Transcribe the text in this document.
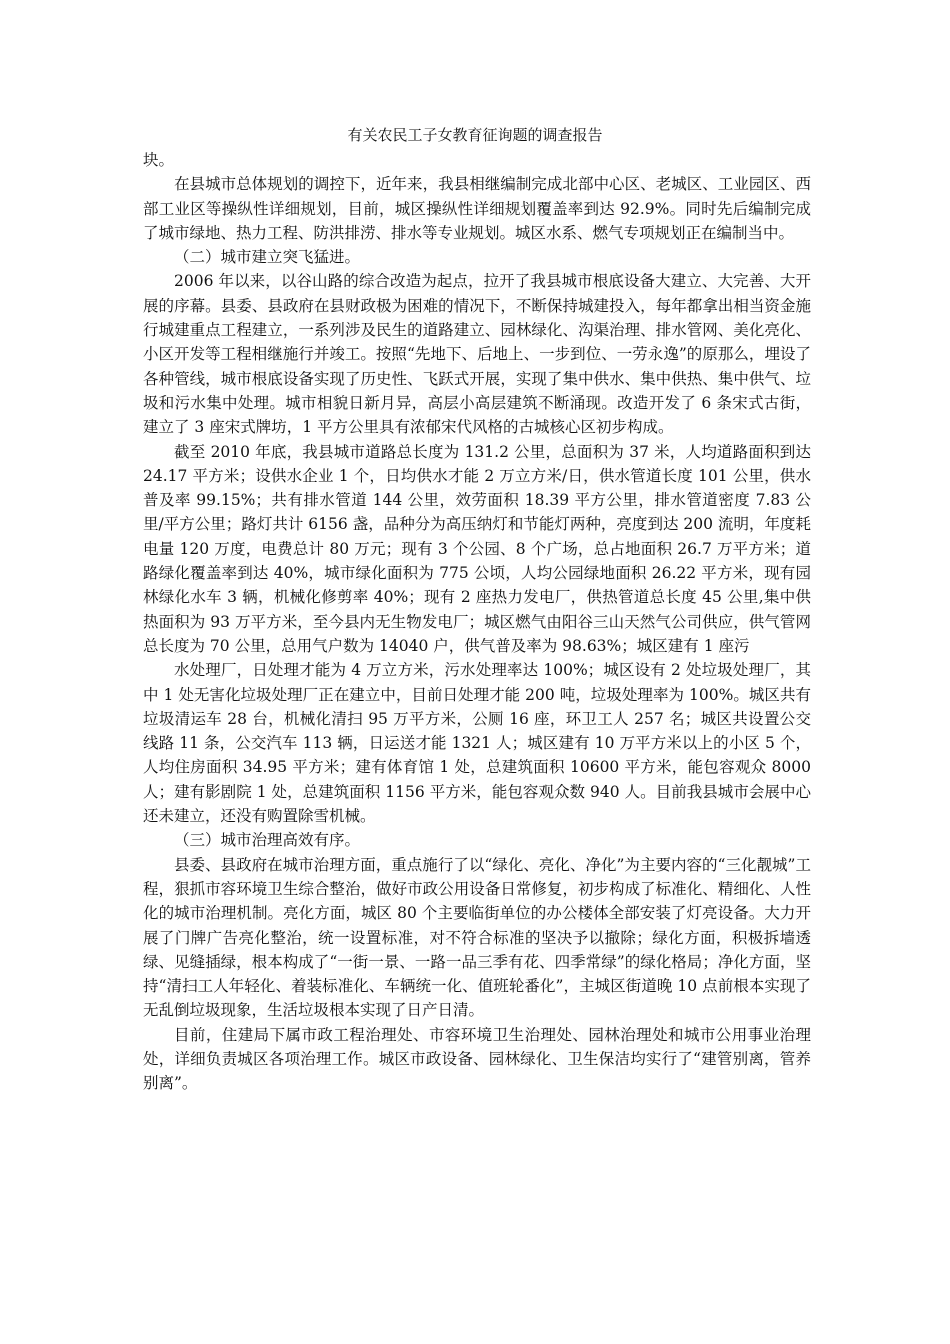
有关农民工子女教育征询题的调查报告

块。

在县城市总体规划的调控下，近年来，我县相继编制完成北部中心区、老城区、工业园区、西部工业区等操纵性详细规划，目前，城区操纵性详细规划覆盖率到达 92.9%。同时先后编制完成了城市绿地、热力工程、防洪排涝、排水等专业规划。城区水系、燃气专项规划正在编制当中。

（二）城市建立突飞猛进。

2006 年以来，以谷山路的综合改造为起点，拉开了我县城市根底设备大建立、大完善、大开展的序幕。县委、县政府在县财政极为困难的情况下，不断保持城建投入，每年都拿出相当资金施行城建重点工程建立，一系列涉及民生的道路建立、园林绿化、沟渠治理、排水管网、美化亮化、小区开发等工程相继施行并竣工。按照“先地下、后地上、一步到位、一劳永逸”的原那么，埋设了各种管线，城市根底设备实现了历史性、飞跃式开展，实现了集中供水、集中供热、集中供气、垃圾和污水集中处理。城市相貌日新月异，高层小高层建筑不断涌现。改造开发了 6 条宋式古街，建立了 3 座宋式牌坊，1 平方公里具有浓郁宋代风格的古城核心区初步构成。

截至 2010 年底，我县城市道路总长度为 131.2 公里，总面积为 37 米，人均道路面积到达 24.17 平方米；设供水企业 1 个，日均供水才能 2 万立方米/日，供水管道长度 101 公里，供水普及率 99.15%；共有排水管道 144 公里，效劳面积 18.39 平方公里，排水管道密度 7.83 公里/平方公里；路灯共计 6156 盏，品种分为高压纳灯和节能灯两种，亮度到达 200 流明，年度耗电量 120 万度，电费总计 80 万元；现有 3 个公园、8 个广场，总占地面积 26.7 万平方米；道路绿化覆盖率到达 40%，城市绿化面积为 775 公顷，人均公园绿地面积 26.22 平方米，现有园林绿化水车 3 辆，机械化修剪率 40%；现有 2 座热力发电厂，供热管道总长度 45 公里,集中供热面积为 93 万平方米，至今县内无生物发电厂；城区燃气由阳谷三山天然气公司供应，供气管网总长度为 70 公里，总用气户数为 14040 户，供气普及率为 98.63%；城区建有 1 座污

水处理厂，日处理才能为 4 万立方米，污水处理率达 100%；城区设有 2 处垃圾处理厂，其中 1 处无害化垃圾处理厂正在建立中，目前日处理才能 200 吨，垃圾处理率为 100%。城区共有垃圾清运车 28 台，机械化清扫 95 万平方米，公厕 16 座，环卫工人 257 名；城区共设置公交线路 11 条，公交汽车 113 辆，日运送才能 1321 人；城区建有 10 万平方米以上的小区 5 个，人均住房面积 34.95 平方米；建有体育馆 1 处，总建筑面积 10600 平方米，能包容观众 8000 人；建有影剧院 1 处，总建筑面积 1156 平方米，能包容观众数 940 人。目前我县城市会展中心还未建立，还没有购置除雪机械。

（三）城市治理高效有序。

县委、县政府在城市治理方面，重点施行了以“绿化、亮化、净化”为主要内容的“三化靓城”工程，狠抓市容环境卫生综合整治，做好市政公用设备日常修复，初步构成了标准化、精细化、人性化的城市治理机制。亮化方面，城区 80 个主要临街单位的办公楼体全部安装了灯亮设备。大力开展了门牌广告亮化整治，统一设置标准，对不符合标准的坚决予以撤除；绿化方面，积极拆墙透绿、见缝插绿，根本构成了“一街一景、一路一品三季有花、四季常绿”的绿化格局；净化方面，坚持“清扫工人年轻化、着装标准化、车辆统一化、值班轮番化”，主城区街道晚 10 点前根本实现了无乱倒垃圾现象，生活垃圾根本实现了日产日清。

目前，住建局下属市政工程治理处、市容环境卫生治理处、园林治理处和城市公用事业治理处，详细负责城区各项治理工作。城区市政设备、园林绿化、卫生保洁均实行了“建管别离，管养别离”。
